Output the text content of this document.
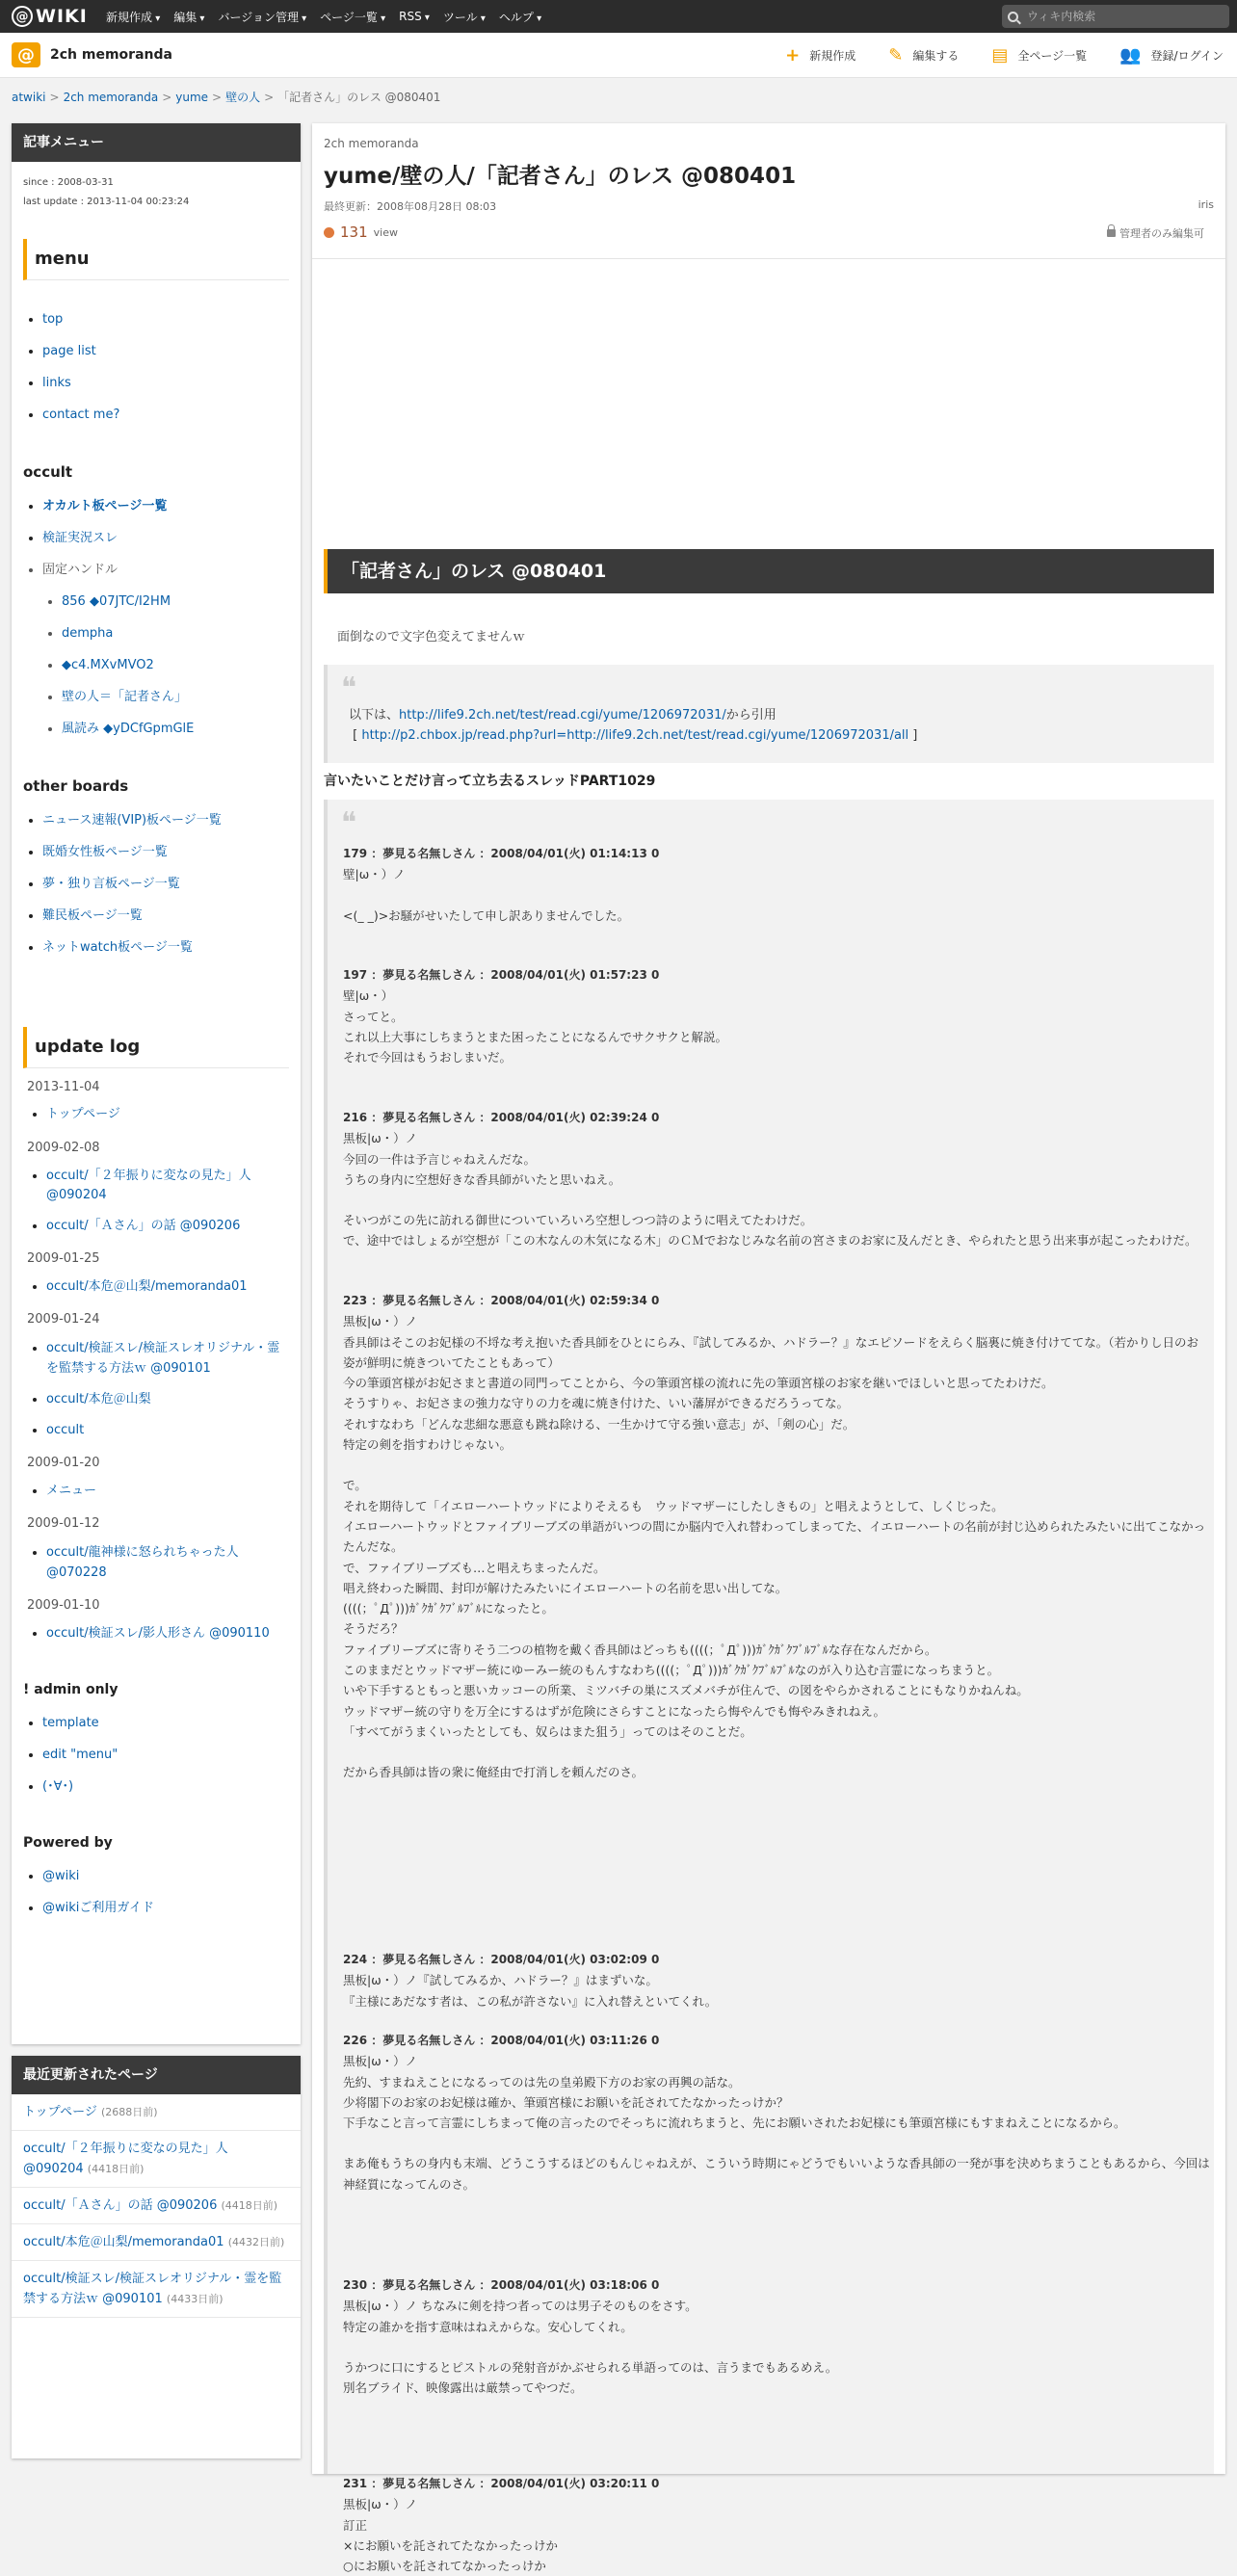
@ WIKI 新規作成 ▾	編集 ▾	バージョン管理 ▾	ページ一覧 ▾	RSS ▾	ツール ▾	ヘルプ ▾
ウィキ内検索
@	2ch memoranda	+ 新規作成 ✎ 編集する ▤ 全ページ一覧 👥 登録/ログイン
atwiki > 2ch memoranda > yume > 壁の人 > 「記者さん」のレス @080401
記事メニュー
since : 2008-03-31
last update : 2013-11-04 00:23:24
menu
• top
• page list
• links
• contact me?
occult
• オカルト板ページ一覧
• 検証実況スレ
• 固定ハンドル
• 856 ◆07JTC/I2HM
• dempha
• ◆c4.MXvMVO2
• 壁の人＝「記者さん」
• 風読み ◆yDCfGpmGlE
other boards
• ニュース速報(VIP)板ページ一覧
• 既婚女性板ページ一覧
• 夢・独り言板ページ一覧
• 難民板ページ一覧
• ネットwatch板ページ一覧
update log
2013-11-04
• トップページ
2009-02-08
• occult/「２年振りに変なの見た」人 @090204
• occult/「Ａさん」の話 @090206
2009-01-25
• occult/本危＠山梨/memoranda01
2009-01-24
• occult/検証スレ/検証スレオリジナル・霊を監禁する方法ｗ @090101
• occult/本危＠山梨
• occult
2009-01-20
• メニュー
2009-01-12
• occult/龍神様に怒られちゃった人 @070228
2009-01-10
• occult/検証スレ/影人形さん @090110
! admin only
• template
• edit "menu"
• (･∀･)
Powered by
• @wiki
• @wikiご利用ガイド
最近更新されたページ
トップページ (2688日前)
occult/「２年振りに変なの見た」人 @090204 (4418日前)
occult/「Ａさん」の話 @090206 (4418日前)
occult/本危＠山梨/memoranda01 (4432日前)
occult/検証スレ/検証スレオリジナル・霊を監禁する方法ｗ @090101 (4433日前)
2ch memoranda
yume/壁の人/「記者さん」のレス @080401
最終更新：2008年08月28日 08:03	iris
131 view	管理者のみ編集可
「記者さん」のレス @080401
面倒なので文字色変えてませんｗ
❝
以下は、http://life9.2ch.net/test/read.cgi/yume/1206972031/から引用
[ http://p2.chbox.jp/read.php?url=http://life9.2ch.net/test/read.cgi/yume/1206972031/all ]
言いたいことだけ言って立ち去るスレッドPART1029
❝
179 ：夢見る名無しさん ：2008/04/01(火) 01:14:13 0
壁|ω・）ノ
<(_ _)>お騒がせいたして申し訳ありませんでした。
197 ：夢見る名無しさん ：2008/04/01(火) 01:57:23 0
壁|ω・）
さってと。
これ以上大事にしちまうとまた困ったことになるんでサクサクと解説。
それで今回はもうおしまいだ。
216 ：夢見る名無しさん ：2008/04/01(火) 02:39:24 0
黒板|ω・）ノ
今回の一件は予言じゃねえんだな。
うちの身内に空想好きな香具師がいたと思いねえ。
そいつがこの先に訪れる御世についていろいろ空想しつつ詩のように唱えてたわけだ。
で、途中ではしょるが空想が「この木なんの木気になる木」のＣＭでおなじみな名前の宮さまのお家に及んだとき、やられたと思う出来事が起こったわけだ。
223 ：夢見る名無しさん ：2008/04/01(火) 02:59:34 0
黒板|ω・）ノ
香具師はそこのお妃様の不埒な考え抱いた香具師をひとにらみ、『試してみるか、ハドラー？』なエピソードをえらく脳裏に焼き付けててな。（若かりし日のお姿が鮮明に焼きついてたこともあって）
今の筆頭宮様がお妃さまと書道の同門ってことから、今の筆頭宮様の流れに先の筆頭宮様のお家を継いでほしいと思ってたわけだ。
そうすりゃ、お妃さまの強力な守りの力を魂に焼き付けた、いい藩屏ができるだろうってな。
それすなわち「どんな悲細な悪意も跳ね除ける、一生かけて守る強い意志」が、「剣の心」だ。
特定の剣を指すわけじゃない。
で。
それを期待して「イエローハートウッドによりそえるも　ウッドマザーにしたしきもの」と唱えようとして、しくじった。
イエローハートウッドとファイブリーブズの単語がいつの間にか脳内で入れ替わってしまってた、イエローハートの名前が封じ込められたみたいに出てこなかったんだな。
で、ファイブリーブズも…と唱えちまったんだ。
唱え終わった瞬間、封印が解けたみたいにイエローハートの名前を思い出してな。
((((；ﾟДﾟ)))ｶﾞｸｶﾞｸﾌﾞﾙﾌﾞﾙになったと。
そうだろ？
ファイブリーブズに寄りそう二つの植物を戴く香具師はどっちも((((；ﾟДﾟ)))ｶﾞｸｶﾞｸﾌﾞﾙﾌﾞﾙな存在なんだから。
このままだとウッドマザー統にゆーみー統のもんすなわち((((；ﾟДﾟ)))ｶﾞｸｶﾞｸﾌﾞﾙﾌﾞﾙなのが入り込む言霊になっちまうと。
いや下手するともっと悪いカッコーの所業、ミツバチの巣にスズメバチが住んで、の図をやらかされることにもなりかねんね。
ウッドマザー統の守りを万全にするはずが危険にさらすことになったら悔やんでも悔やみきれねえ。
「すべてがうまくいったとしても、奴らはまた狙う」ってのはそのことだ。
だから香具師は皆の衆に俺経由で打消しを頼んだのさ。
224 ：夢見る名無しさん ：2008/04/01(火) 03:02:09 0
黒板|ω・）ノ『試してみるか、ハドラー？』はまずいな。
『主様にあだなす者は、この私が許さない』に入れ替えといてくれ。
226 ：夢見る名無しさん ：2008/04/01(火) 03:11:26 0
黒板|ω・）ノ
先約、すまねえことになるってのは先の皇弟殿下方のお家の再興の話な。
少将閣下のお家のお妃様は確か、筆頭宮様にお願いを託されてたなかったっけか？
下手なこと言って言霊にしちまって俺の言ったのでそっちに流れちまうと、先にお願いされたお妃様にも筆頭宮様にもすまねえことになるから。
まあ俺もうちの身内も末端、どうこうするほどのもんじゃねえが、こういう時期にゃどうでもいいような香具師の一発が事を決めちまうこともあるから、今回は神経質になってんのさ。
230 ：夢見る名無しさん ：2008/04/01(火) 03:18:06 0
黒板|ω・）ノ ちなみに剣を持つ者ってのは男子そのものをさす。
特定の誰かを指す意味はねえからな。安心してくれ。
うかつに口にするとピストルの発射音がかぶせられる単語ってのは、言うまでもあるめえ。
別名ブライド、映像露出は厳禁ってやつだ。
231 ：夢見る名無しさん ：2008/04/01(火) 03:20:11 0
黒板|ω・）ノ
訂正
×にお願いを託されてたなかったっけか
○にお願いを託されてなかったっけか
